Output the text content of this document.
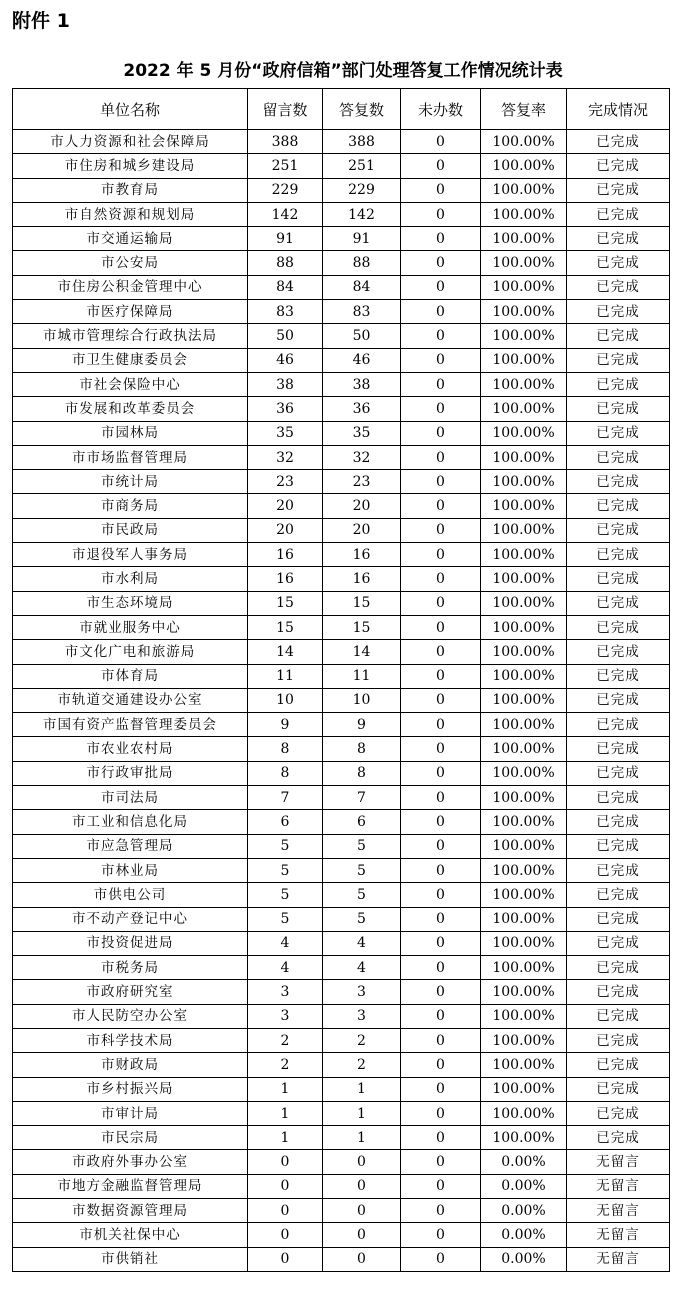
附件 1
2022 年 5 月份“政府信箱”部门处理答复工作情况统计表
单位名称	留言数	答复数	未办数	答复率	完成情况
市人力资源和社会保障局	388	388	0	100.00%	已完成
市住房和城乡建设局	251	251	0	100.00%	已完成
市教育局	229	229	0	100.00%	已完成
市自然资源和规划局	142	142	0	100.00%	已完成
市交通运输局	91	91	0	100.00%	已完成
市公安局	88	88	0	100.00%	已完成
市住房公积金管理中心	84	84	0	100.00%	已完成
市医疗保障局	83	83	0	100.00%	已完成
市城市管理综合行政执法局	50	50	0	100.00%	已完成
市卫生健康委员会	46	46	0	100.00%	已完成
市社会保险中心	38	38	0	100.00%	已完成
市发展和改革委员会	36	36	0	100.00%	已完成
市园林局	35	35	0	100.00%	已完成
市市场监督管理局	32	32	0	100.00%	已完成
市统计局	23	23	0	100.00%	已完成
市商务局	20	20	0	100.00%	已完成
市民政局	20	20	0	100.00%	已完成
市退役军人事务局	16	16	0	100.00%	已完成
市水利局	16	16	0	100.00%	已完成
市生态环境局	15	15	0	100.00%	已完成
市就业服务中心	15	15	0	100.00%	已完成
市文化广电和旅游局	14	14	0	100.00%	已完成
市体育局	11	11	0	100.00%	已完成
市轨道交通建设办公室	10	10	0	100.00%	已完成
市国有资产监督管理委员会	9	9	0	100.00%	已完成
市农业农村局	8	8	0	100.00%	已完成
市行政审批局	8	8	0	100.00%	已完成
市司法局	7	7	0	100.00%	已完成
市工业和信息化局	6	6	0	100.00%	已完成
市应急管理局	5	5	0	100.00%	已完成
市林业局	5	5	0	100.00%	已完成
市供电公司	5	5	0	100.00%	已完成
市不动产登记中心	5	5	0	100.00%	已完成
市投资促进局	4	4	0	100.00%	已完成
市税务局	4	4	0	100.00%	已完成
市政府研究室	3	3	0	100.00%	已完成
市人民防空办公室	3	3	0	100.00%	已完成
市科学技术局	2	2	0	100.00%	已完成
市财政局	2	2	0	100.00%	已完成
市乡村振兴局	1	1	0	100.00%	已完成
市审计局	1	1	0	100.00%	已完成
市民宗局	1	1	0	100.00%	已完成
市政府外事办公室	0	0	0	0.00%	无留言
市地方金融监督管理局	0	0	0	0.00%	无留言
市数据资源管理局	0	0	0	0.00%	无留言
市机关社保中心	0	0	0	0.00%	无留言
市供销社	0	0	0	0.00%	无留言
